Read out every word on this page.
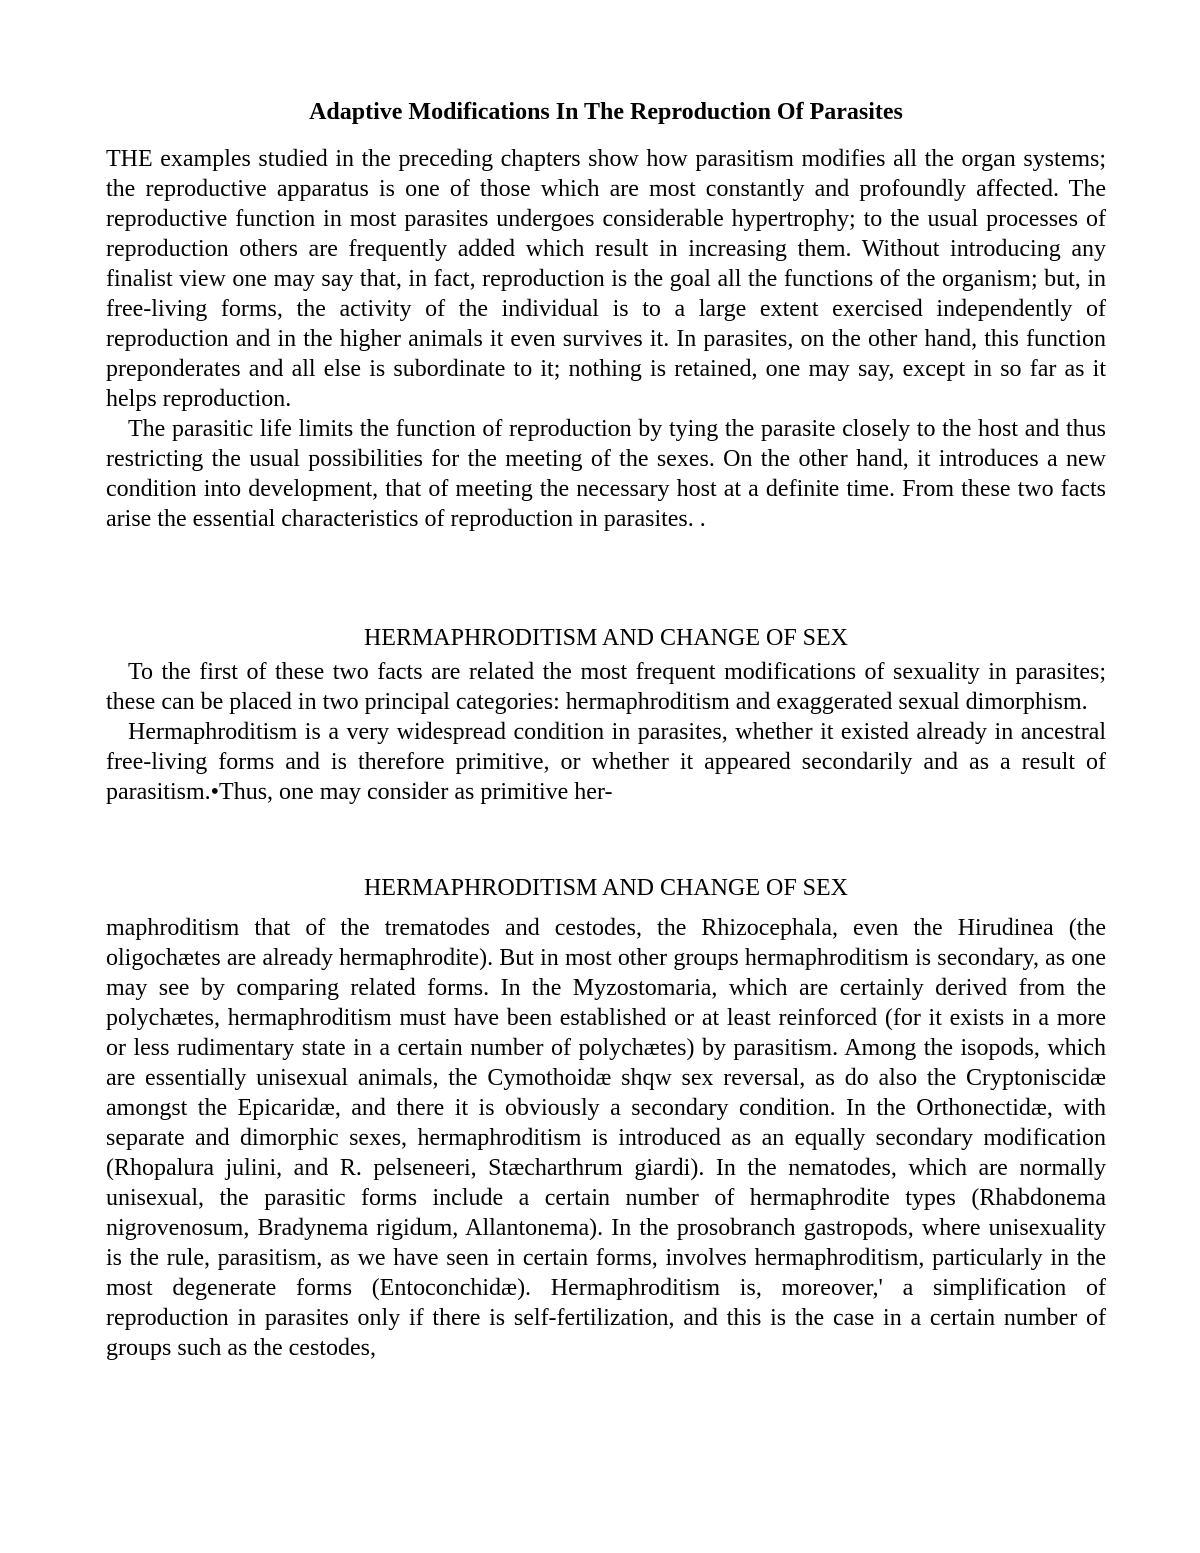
Adaptive Modifications In The Reproduction Of Parasites

THE examples studied in the preceding chapters show how parasitism modifies all the organ systems; the reproductive apparatus is one of those which are most constantly and profoundly affected. The reproductive function in most parasites undergoes considerable hypertrophy; to the usual processes of reproduction others are frequently added which result in increasing them. Without introducing any finalist view one may say that, in fact, reproduction is the goal all the functions of the organism; but, in free-living forms, the activity of the individual is to a large extent exercised independently of reproduction and in the higher animals it even survives it. In parasites, on the other hand, this function preponderates and all else is subordinate to it; nothing is retained, one may say, except in so far as it helps reproduction.

The parasitic life limits the function of reproduction by tying the parasite closely to the host and thus restricting the usual possibilities for the meeting of the sexes. On the other hand, it introduces a new condition into development, that of meeting the necessary host at a definite time. From these two facts arise the essential characteristics of reproduction in parasites. .

HERMAPHRODITISM AND CHANGE OF SEX

To the first of these two facts are related the most frequent modifications of sexuality in parasites; these can be placed in two principal categories: hermaphroditism and exaggerated sexual dimorphism.

Hermaphroditism is a very widespread condition in parasites, whether it existed already in ancestral free-living forms and is therefore primitive, or whether it appeared secondarily and as a result of parasitism.•Thus, one may consider as primitive her-

HERMAPHRODITISM AND CHANGE OF SEX

maphroditism that of the trematodes and cestodes, the Rhizocephala, even the Hirudinea (the oligochætes are already hermaphrodite). But in most other groups hermaphroditism is secondary, as one may see by comparing related forms. In the Myzostomaria, which are certainly derived from the polychætes, hermaphroditism must have been established or at least reinforced (for it exists in a more or less rudimentary state in a certain number of polychætes) by parasitism. Among the isopods, which are essentially unisexual animals, the Cymothoidæ shqw sex reversal, as do also the Cryptoniscidæ amongst the Epicaridæ, and there it is obviously a secondary condition. In the Orthonectidæ, with separate and dimorphic sexes, hermaphroditism is introduced as an equally secondary modification (Rhopalura julini, and R. pelseneeri, Stæcharthrum giardi). In the nematodes, which are normally unisexual, the parasitic forms include a certain number of hermaphrodite types (Rhabdonema nigrovenosum, Bradynema rigidum, Allantonema). In the prosobranch gastropods, where unisexuality is the rule, parasitism, as we have seen in certain forms, involves hermaphroditism, particularly in the most degenerate forms (Entoconchidæ). Hermaphroditism is, moreover,' a simplification of reproduction in parasites only if there is self-fertilization, and this is the case in a certain number of groups such as the cestodes,
